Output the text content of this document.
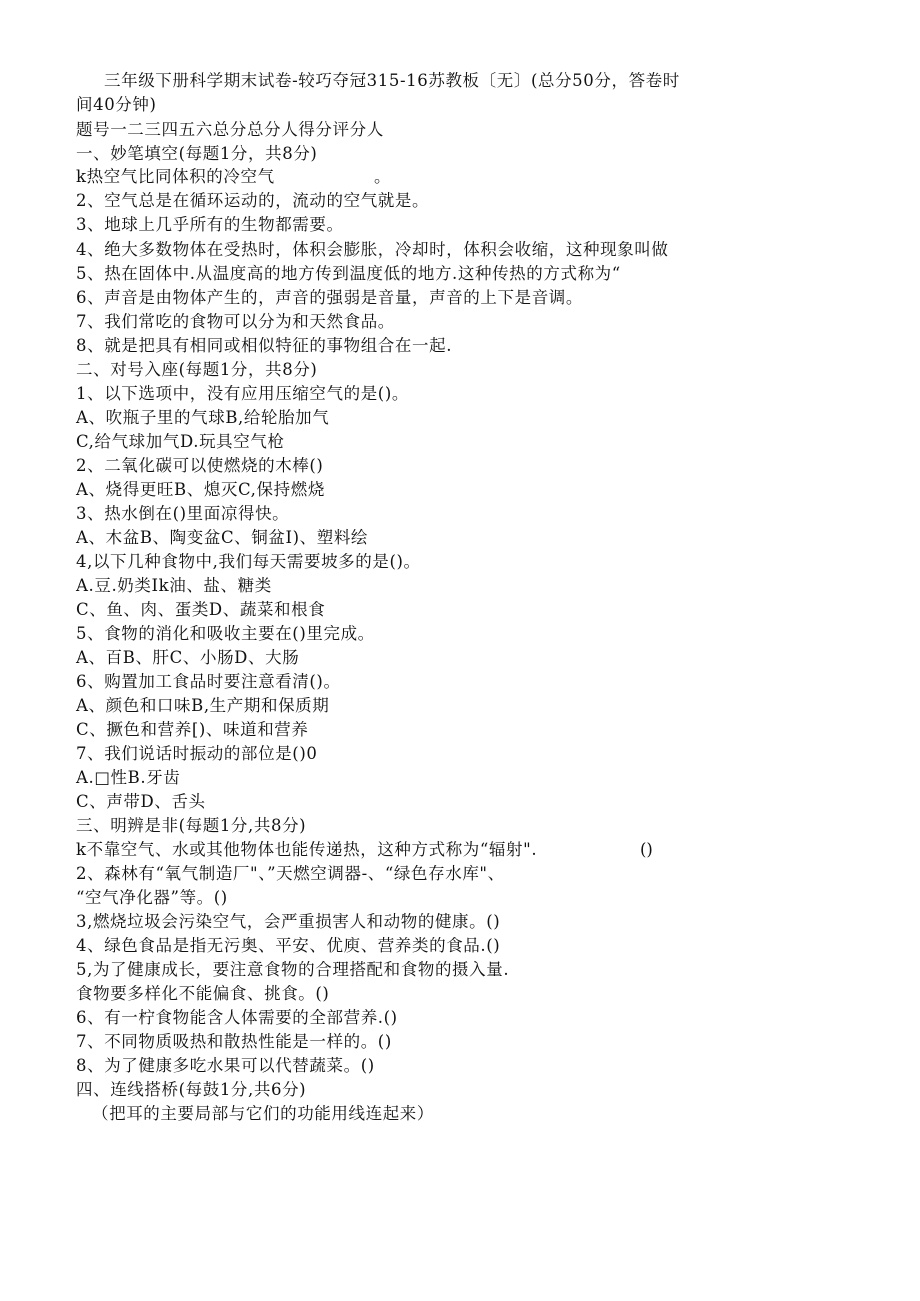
三年级下册科学期末试卷-较巧夺冠315-16苏教板〔无〕(总分50分，答卷时
间40分钟)
题号一二三四五六总分总分人得分评分人
一、妙笔填空(每题1分，共8分)
k热空气比同体积的冷空气	。
2、空气总是在循环运动的，流动的空气就是。
3、地球上几乎所有的生物都需要。
4、绝大多数物体在受热时，体积会膨胀，冷却时，体积会收缩，这种现象叫做
5、热在固体中.从温度高的地方传到温度低的地方.这种传热的方式称为“
6、声音是由物体产生的，声音的强弱是音量，声音的上下是音调。
7、我们常吃的食物可以分为和天然食品。
8、就是把具有相同或相似特征的事物组合在一起.
二、对号入座(每题1分，共8分)
1、以下选项中，没有应用压缩空气的是()。
A、吹瓶子里的气球B,给轮胎加气
C,给气球加气D.玩具空气枪
2、二氧化碳可以使燃烧的木棒()
A、烧得更旺B、熄灭C,保持燃烧
3、热水倒在()里面凉得快。
A、木盆B、陶变盆C、铜盆I)、塑料绘
4,以下几种食物中,我们每天需要坡多的是()。
A.豆.奶类Ik油、盐、糖类
C、鱼、肉、蛋类D、蔬菜和根食
5、食物的消化和吸收主要在()里完成。
A、百B、肝C、小肠D、大肠
6、购置加工食品时要注意看清()。
A、颜色和口味B,生产期和保质期
C、撅色和营养[)、味道和营养
7、我们说话时振动的部位是()0
A.□性B.牙齿
C、声带D、舌头
三、明辨是非(每题1分,共8分)
k不靠空气、水或其他物体也能传递热，这种方式称为“辐射".	()
2、森林有“氧气制造厂"、”天燃空调器-、“绿色存水库"、
“空气净化器”等。()
3,燃烧垃圾会污染空气，会严重损害人和动物的健康。()
4、绿色食品是指无污奥、平安、优庾、营养类的食品.()
5,为了健康成长，要注意食物的合理搭配和食物的摄入量.
食物要多样化不能偏食、挑食。()
6、有一柠食物能含人体需要的全部营养.()
7、不同物质吸热和散热性能是一样的。()
8、为了健康多吃水果可以代替蔬菜。()
四、连线搭桥(每鼓1分,共6分)
（把耳的主要局部与它们的功能用线连起来）
